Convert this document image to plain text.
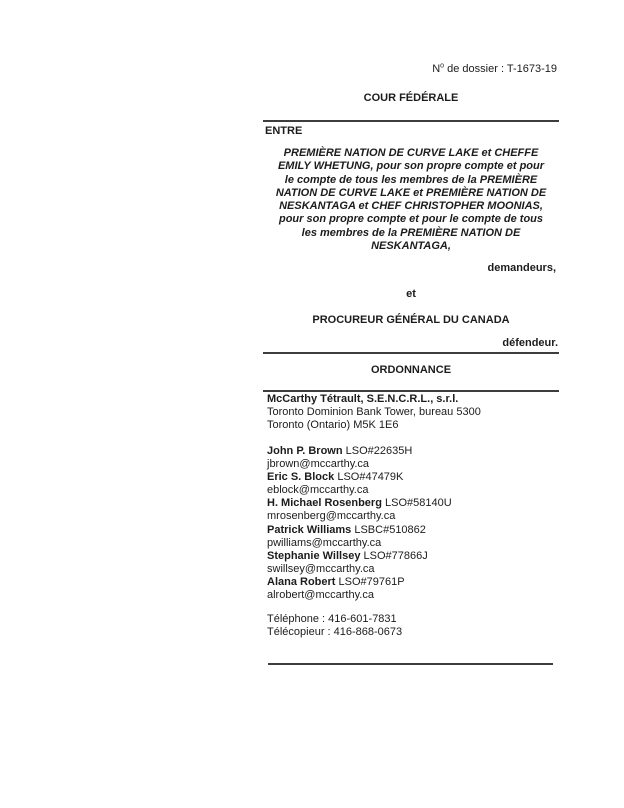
$N^o$ de dossier : T-1673-19
COUR FÉDÉRALE
ENTRE
PREMIÈRE NATION DE CURVE LAKE et CHEFFE
EMILY WHETUNG, pour son propre compte et pour
le compte de tous les membres de la PREMIÈRE
NATION DE CURVE LAKE et PREMIÈRE NATION DE
NESKANTAGA et CHEF CHRISTOPHER MOONIAS,
pour son propre compte et pour le compte de tous
les membres de la PREMIÈRE NATION DE
NESKANTAGA,
demandeurs,
et
PROCUREUR GÉNÉRAL DU CANADA
défendeur.
ORDONNANCE
McCarthy Tétrault, S.E.N.C.R.L., s.r.l.
Toronto Dominion Bank Tower, bureau 5300
Toronto (Ontario) M5K 1E6
John P. Brown LSO#22635H
jbrown@mccarthy.ca
Eric S. Block LSO#47479K
eblock@mccarthy.ca
H. Michael Rosenberg LSO#58140U
mrosenberg@mccarthy.ca
Patrick Williams LSBC#510862
pwilliams@mccarthy.ca
Stephanie Willsey LSO#77866J
swillsey@mccarthy.ca
Alana Robert LSO#79761P
alrobert@mccarthy.ca
Téléphone : 416-601-7831
Télécopieur : 416-868-0673
